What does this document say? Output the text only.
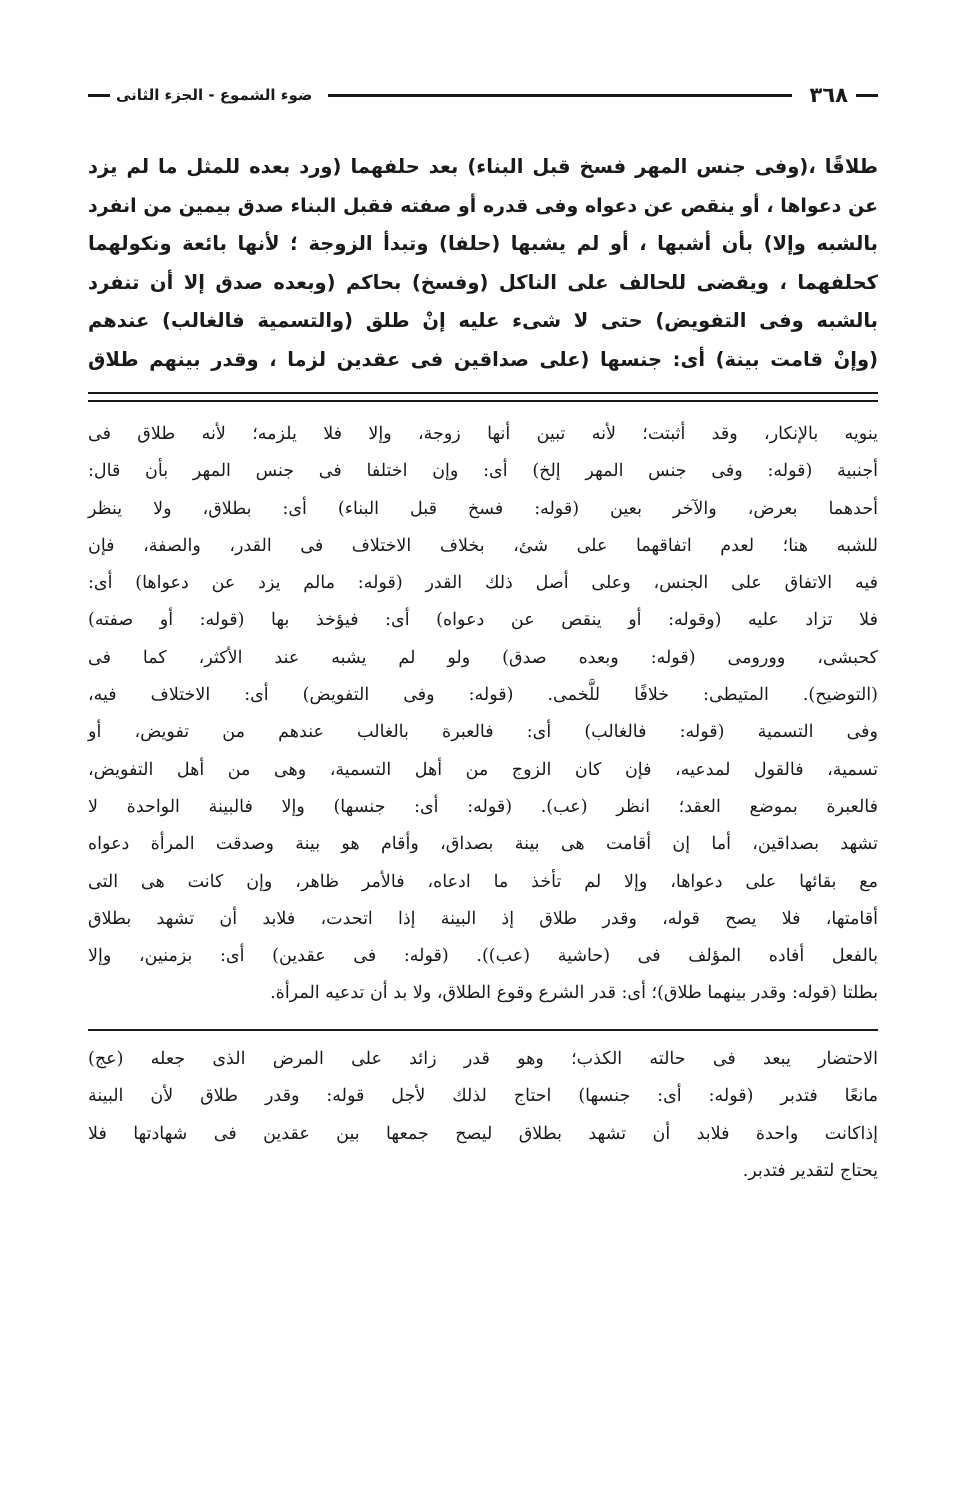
٣٦٨
ضوء الشموع - الجزء الثانى

طلاقًا ،(وفى جنس المهر فسخ قبل البناء) بعد حلفهما (ورد بعده للمثل ما لم يزد

عن دعواها ، أو ينقص عن دعواه وفى قدره أو صفته فقبل البناء صدق بيمين من انفرد

بالشبه وإلا) بأن أشبها ، أو لم يشبها (حلفا) وتبدأ الزوجة ؛ لأنها بائعة ونكولهما

كحلفهما ، ويقضى للحالف على الناكل (وفسخ) بحاكم (وبعده صدق إلا أن تنفرد

بالشبه وفى التفويض) حتى لا شىء عليه إنْ طلق (والتسمية فالغالب) عندهم

(وإنْ قامت بينة) أى: جنسها (على صداقين فى عقدين لزما ، وقدر بينهم طلاق

ينويه بالإنكار، وقد أثبتت؛ لأنه تبين أنها زوجة، وإلا فلا يلزمه؛ لأنه طلاق فى

أجنبية (قوله: وفى جنس المهر إلخ) أى: وإن اختلفا فى جنس المهر بأن قال:

أحدهما بعرض، والآخر بعين (قوله: فسخ قبل البناء) أى: بطلاق، ولا ينظر

للشبه هنا؛ لعدم اتفاقهما على شئ، بخلاف الاختلاف فى القدر، والصفة، فإن

فيه الاتفاق على الجنس، وعلى أصل ذلك القدر (قوله: مالم يزد عن دعواها) أى:

فلا تزاد عليه (وقوله: أو ينقص عن دعواه) أى: فيؤخذ بها (قوله: أو صفته)

كحبشى، وورومى (قوله: وبعده صدق) ولو لم يشبه عند الأكثر، كما فى

(التوضيح). المتيطى: خلافًا للَّخمى. (قوله: وفى التفويض) أى: الاختلاف فيه،

وفى التسمية (قوله: فالغالب) أى: فالعبرة بالغالب عندهم من تفويض، أو

تسمية، فالقول لمدعيه، فإن كان الزوج من أهل التسمية، وهى من أهل التفويض،

فالعبرة بموضع العقد؛ انظر (عب). (قوله: أى: جنسها) وإلا فالبينة الواحدة لا

تشهد بصداقين، أما إن أقامت هى بينة بصداق، وأقام هو بينة وصدقت المرأة دعواه

مع بقائها على دعواها، وإلا لم تأخذ ما ادعاه، فالأمر ظاهر، وإن كانت هى التى

أقامتها، فلا يصح قوله، وقدر طلاق إذ البينة إذا اتحدت، فلابد أن تشهد بطلاق

بالفعل أفاده المؤلف فى (حاشية (عب)). (قوله: فى عقدين) أى: بزمنين، وإلا

بطلتا (قوله: وقدر بينهما طلاق)؛ أى: قدر الشرع وقوع الطلاق، ولا بد أن تدعيه المرأة.

الاحتضار يبعد فى حالته الكذب؛ وهو قدر زائد على المرض الذى جعله (عج)

مانعًا فتدبر (قوله: أى: جنسها) احتاج لذلك لأجل قوله: وقدر طلاق لأن البينة

إذاكانت واحدة فلابد أن تشهد بطلاق ليصح جمعها بين عقدين فى شهادتها فلا

يحتاج لتقدير فتدبر.
